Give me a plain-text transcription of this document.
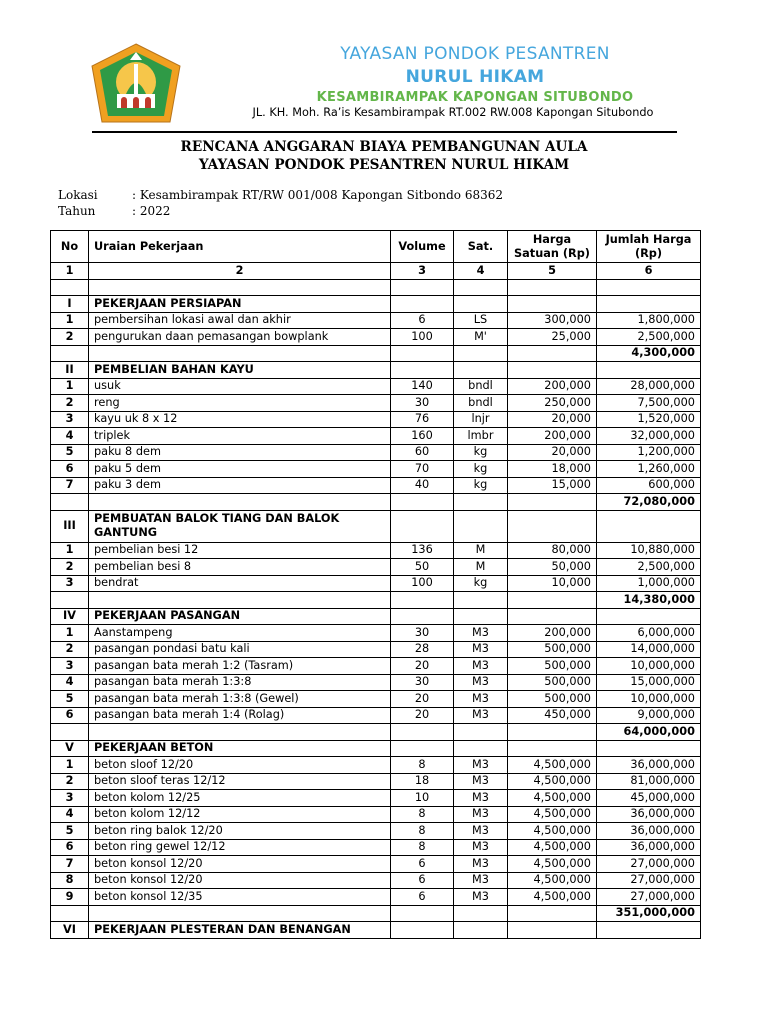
YAYASAN PONDOK PESANTREN
NURUL HIKAM
KESAMBIRAMPAK KAPONGAN SITUBONDO
JL. KH. Moh. Ra’is Kesambirampak RT.002 RW.008 Kapongan Situbondo
RENCANA ANGGARAN BIAYA PEMBANGUNAN AULA
YAYASAN PONDOK PESANTREN NURUL HIKAM
Lokasi	: Kesambirampak RT/RW 001/008 Kapongan Sitbondo 68362
Tahun	: 2022
No	Uraian Pekerjaan	Volume	Sat.	Harga Satuan (Rp)	Jumlah Harga (Rp)
1	2	3	4	5	6

I	PEKERJAAN PERSIAPAN				
1	pembersihan lokasi awal dan akhir	6	LS	300,000	1,800,000
2	pengurukan daan pemasangan bowplank	100	M'	25,000	2,500,000
					4,300,000
II	PEMBELIAN BAHAN KAYU				
1	usuk	140	bndl	200,000	28,000,000
2	reng	30	bndl	250,000	7,500,000
3	kayu uk 8 x 12	76	lnjr	20,000	1,520,000
4	triplek	160	lmbr	200,000	32,000,000
5	paku 8 dem	60	kg	20,000	1,200,000
6	paku 5 dem	70	kg	18,000	1,260,000
7	paku 3 dem	40	kg	15,000	600,000
					72,080,000
III	PEMBUATAN BALOK TIANG DAN BALOK GANTUNG				
1	pembelian besi 12	136	M	80,000	10,880,000
2	pembelian besi 8	50	M	50,000	2,500,000
3	bendrat	100	kg	10,000	1,000,000
					14,380,000
IV	PEKERJAAN PASANGAN				
1	Aanstampeng	30	M3	200,000	6,000,000
2	pasangan pondasi batu kali	28	M3	500,000	14,000,000
3	pasangan bata merah 1:2 (Tasram)	20	M3	500,000	10,000,000
4	pasangan bata merah 1:3:8	30	M3	500,000	15,000,000
5	pasangan bata merah 1:3:8 (Gewel)	20	M3	500,000	10,000,000
6	pasangan bata merah 1:4 (Rolag)	20	M3	450,000	9,000,000
					64,000,000
V	PEKERJAAN BETON				
1	beton sloof 12/20	8	M3	4,500,000	36,000,000
2	beton sloof teras 12/12	18	M3	4,500,000	81,000,000
3	beton kolom 12/25	10	M3	4,500,000	45,000,000
4	beton kolom 12/12	8	M3	4,500,000	36,000,000
5	beton ring balok 12/20	8	M3	4,500,000	36,000,000
6	beton ring gewel 12/12	8	M3	4,500,000	36,000,000
7	beton konsol 12/20	6	M3	4,500,000	27,000,000
8	beton konsol 12/20	6	M3	4,500,000	27,000,000
9	beton konsol 12/35	6	M3	4,500,000	27,000,000
					351,000,000
VI	PEKERJAAN PLESTERAN DAN BENANGAN				
